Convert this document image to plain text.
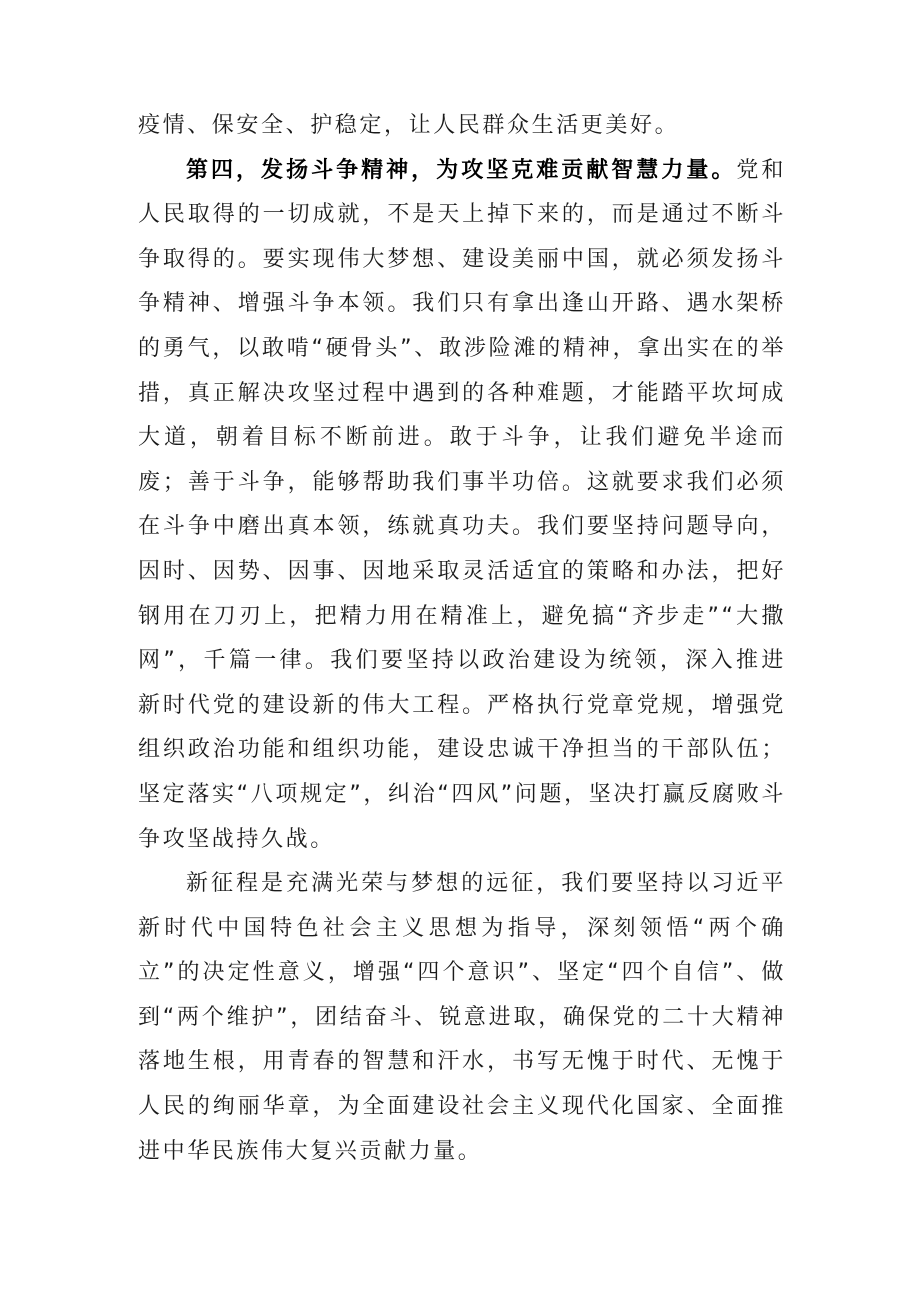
疫情、保安全、护稳定，让人民群众生活更美好。

第四，发扬斗争精神，为攻坚克难贡献智慧力量。党和人民取得的一切成就，不是天上掉下来的，而是通过不断斗争取得的。要实现伟大梦想、建设美丽中国，就必须发扬斗争精神、增强斗争本领。我们只有拿出逢山开路、遇水架桥的勇气，以敢啃“硬骨头”、敢涉险滩的精神，拿出实在的举措，真正解决攻坚过程中遇到的各种难题，才能踏平坎坷成大道，朝着目标不断前进。敢于斗争，让我们避免半途而废；善于斗争，能够帮助我们事半功倍。这就要求我们必须在斗争中磨出真本领，练就真功夫。我们要坚持问题导向，因时、因势、因事、因地采取灵活适宜的策略和办法，把好钢用在刀刃上，把精力用在精准上，避免搞“齐步走”“大撒网”，千篇一律。我们要坚持以政治建设为统领，深入推进新时代党的建设新的伟大工程。严格执行党章党规，增强党组织政治功能和组织功能，建设忠诚干净担当的干部队伍；坚定落实“八项规定”，纠治“四风”问题，坚决打赢反腐败斗争攻坚战持久战。

新征程是充满光荣与梦想的远征，我们要坚持以习近平新时代中国特色社会主义思想为指导，深刻领悟“两个确立”的决定性意义，增强“四个意识”、坚定“四个自信”、做到“两个维护”，团结奋斗、锐意进取，确保党的二十大精神落地生根，用青春的智慧和汗水，书写无愧于时代、无愧于人民的绚丽华章，为全面建设社会主义现代化国家、全面推进中华民族伟大复兴贡献力量。
